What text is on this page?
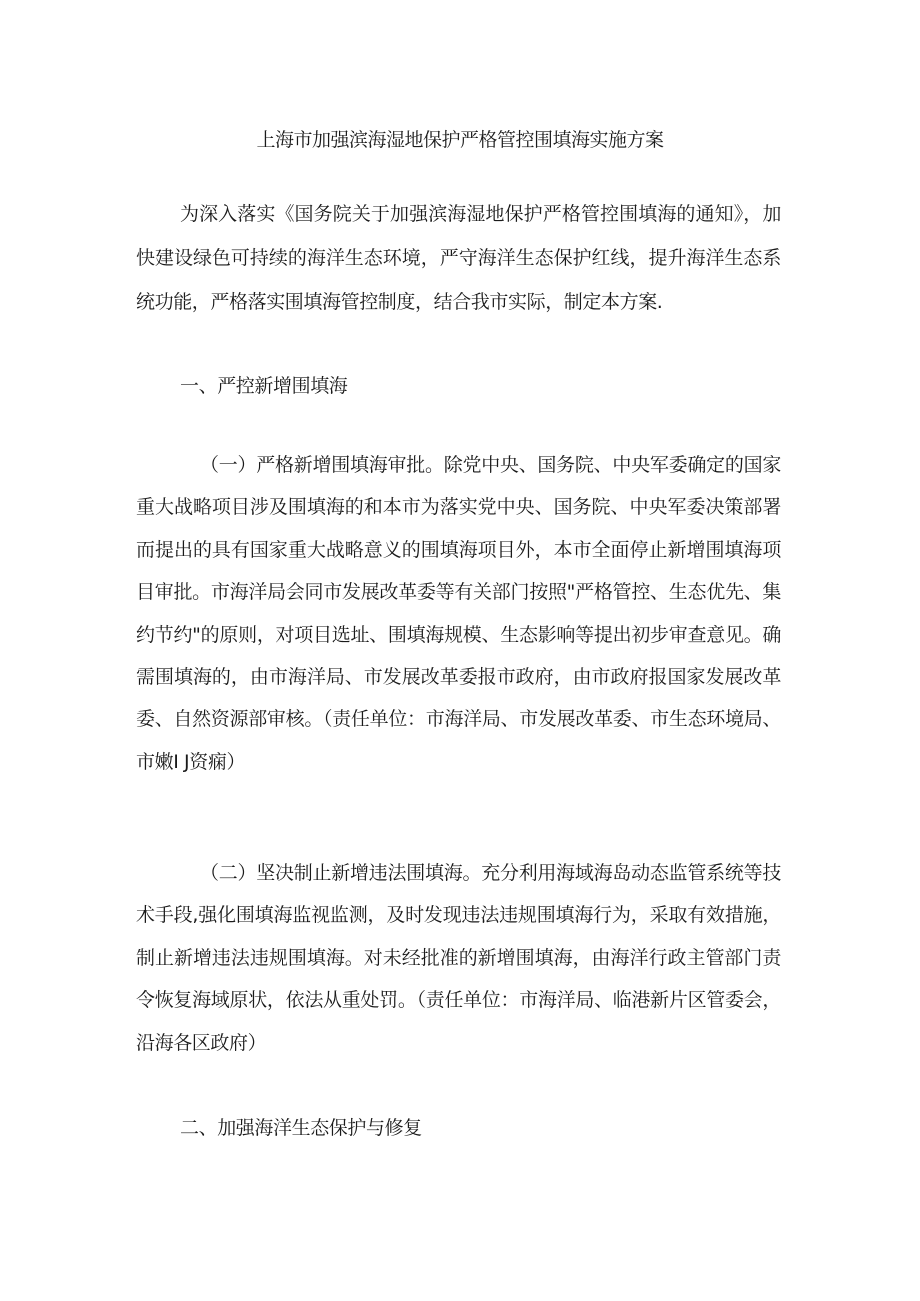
上海市加强滨海湿地保护严格管控围填海实施方案
为深入落实《国务院关于加强滨海湿地保护严格管控围填海的通知》，加快建设绿色可持续的海洋生态环境，严守海洋生态保护红线，提升海洋生态系统功能，严格落实围填海管控制度，结合我市实际，制定本方案.
一、严控新增围填海
（一）严格新增围填海审批。除党中央、国务院、中央军委确定的国家重大战略项目涉及围填海的和本市为落实党中央、国务院、中央军委决策部署而提出的具有国家重大战略意义的围填海项目外，本市全面停止新增围填海项目审批。市海洋局会同市发展改革委等有关部门按照"严格管控、生态优先、集约节约"的原则，对项目选址、围填海规模、生态影响等提出初步审查意见。确需围填海的，由市海洋局、市发展改革委报市政府，由市政府报国家发展改革委、自然资源部审核。（责任单位：市海洋局、市发展改革委、市生态环境局、市嫩I J资痫）
（二）坚决制止新增违法围填海。充分利用海域海岛动态监管系统等技术手段,强化围填海监视监测，及时发现违法违规围填海行为，采取有效措施，制止新增违法违规围填海。对未经批准的新增围填海，由海洋行政主管部门责令恢复海域原状，依法从重处罚。（责任单位：市海洋局、临港新片区管委会，沿海各区政府）
二、加强海洋生态保护与修复
